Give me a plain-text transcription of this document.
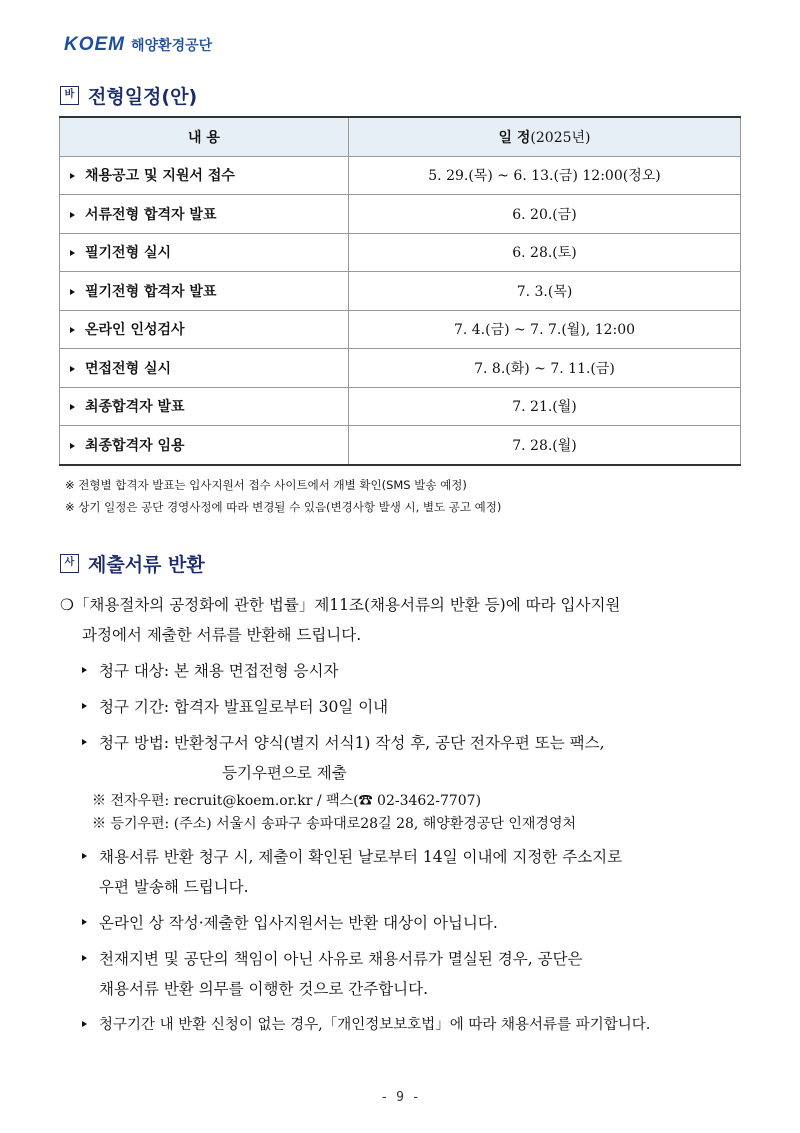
KOEM 해양환경공단
바 전형일정(안)
내 용	일 정(2025년)
채용공고 및 지원서 접수	5. 29.(목) ~ 6. 13.(금) 12:00(정오)
서류전형 합격자 발표	6. 20.(금)
필기전형 실시	6. 28.(토)
필기전형 합격자 발표	7. 3.(목)
온라인 인성검사	7. 4.(금) ~ 7. 7.(월), 12:00
면접전형 실시	7. 8.(화) ~ 7. 11.(금)
최종합격자 발표	7. 21.(월)
최종합격자 임용	7. 28.(월)
※ 전형별 합격자 발표는 입사지원서 접수 사이트에서 개별 확인(SMS 발송 예정)
※ 상기 일정은 공단 경영사정에 따라 변경될 수 있음(변경사항 발생 시, 별도 공고 예정)
사 제출서류 반환
❍「채용절차의 공정화에 관한 법률」제11조(채용서류의 반환 등)에 따라 입사지원
과정에서 제출한 서류를 반환해 드립니다.
청구 대상: 본 채용 면접전형 응시자
청구 기간: 합격자 발표일로부터 30일 이내
청구 방법: 반환청구서 양식(별지 서식1) 작성 후, 공단 전자우편 또는 팩스,
등기우편으로 제출
※ 전자우편: recruit@koem.or.kr / 팩스(☎ 02-3462-7707)
※ 등기우편: (주소) 서울시 송파구 송파대로28길 28, 해양환경공단 인재경영처
채용서류 반환 청구 시, 제출이 확인된 날로부터 14일 이내에 지정한 주소지로
우편 발송해 드립니다.
온라인 상 작성·제출한 입사지원서는 반환 대상이 아닙니다.
천재지변 및 공단의 책임이 아닌 사유로 채용서류가 멸실된 경우, 공단은
채용서류 반환 의무를 이행한 것으로 간주합니다.
청구기간 내 반환 신청이 없는 경우,「개인정보보호법」에 따라 채용서류를 파기합니다.
- 9 -
